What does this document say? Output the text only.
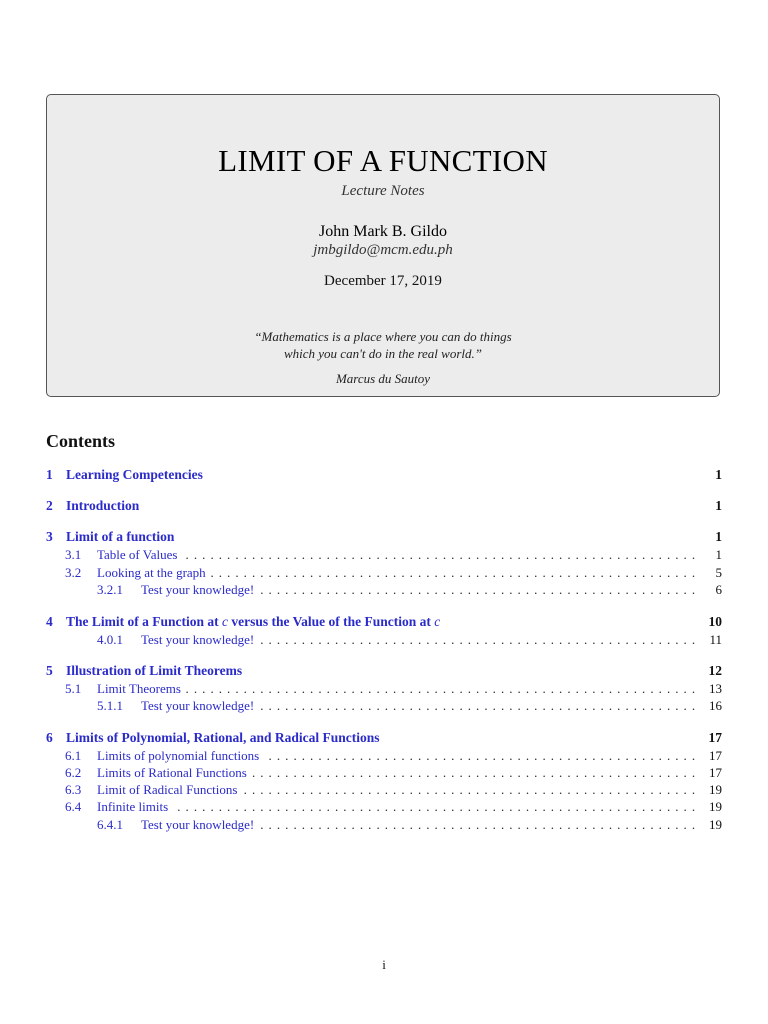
LIMIT OF A FUNCTION
Lecture Notes
John Mark B. Gildo
jmbgildo@mcm.edu.ph
December 17, 2019
“Mathematics is a place where you can do things
which you can't do in the real world.”
Marcus du Sautoy
Contents
1 Learning Competencies	1
2 Introduction	1
3 Limit of a function	1
3.1	Table of Values . . .	1
3.2	Looking at the graph . . .	5
3.2.1	Test your knowledge! . . .	6
4 The Limit of a Function at c versus the Value of the Function at c	10
4.0.1	Test your knowledge! . . .	11
5 Illustration of Limit Theorems	12
5.1	Limit Theorems . . .	13
5.1.1	Test your knowledge! . . .	16
6 Limits of Polynomial, Rational, and Radical Functions	17
6.1	Limits of polynomial functions . . .	17
6.2	Limits of Rational Functions . . .	17
6.3	Limit of Radical Functions . . .	19
6.4	Infinite limits . . .	19
6.4.1	Test your knowledge! . . .	19
i
